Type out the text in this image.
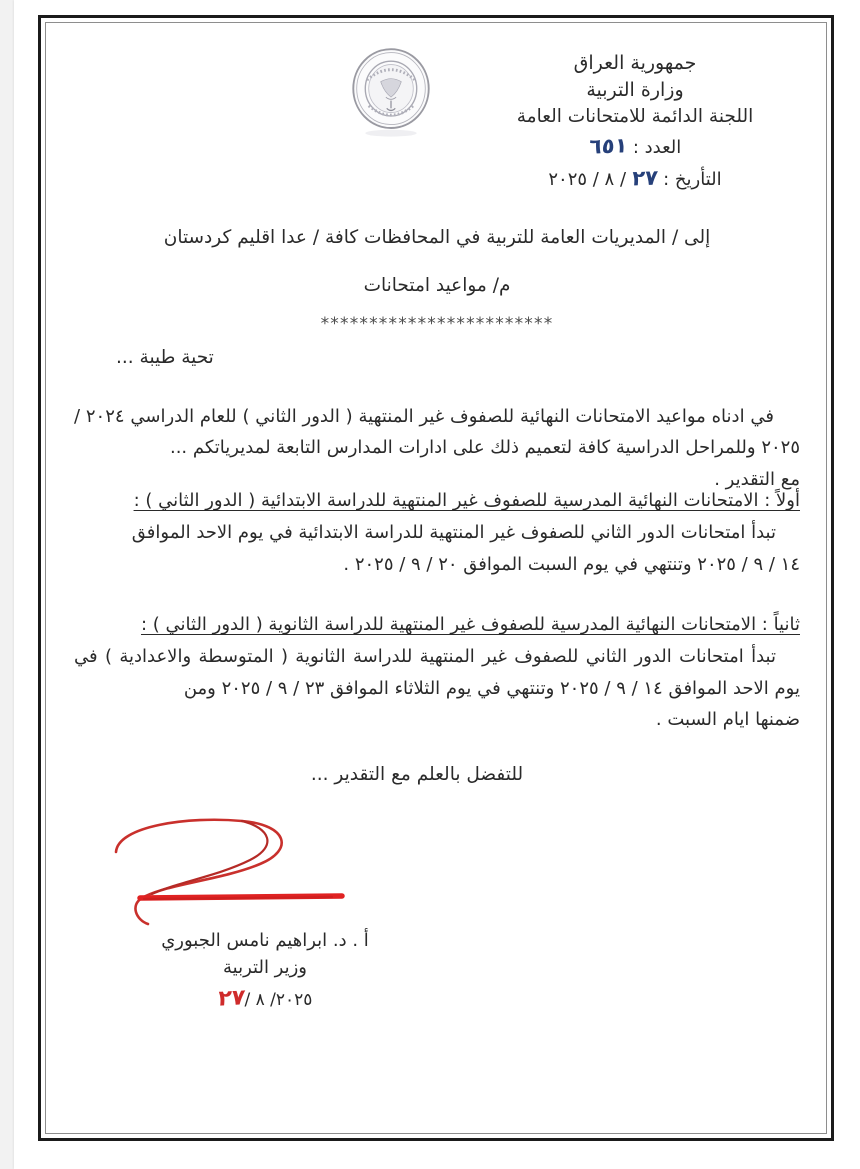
جمهورية العراق
وزارة التربية
اللجنة الدائمة للامتحانات العامة
العدد : ٦٥١
التأريخ : ٢٧ / ٨ / ٢٠٢٥
إلى / المديريات العامة للتربية في المحافظات كافة / عدا اقليم كردستان
م/ مواعيد امتحانات
************************
تحية طيبة ...
في ادناه مواعيد الامتحانات النهائية للصفوف غير المنتهية ( الدور الثاني ) للعام الدراسي ٢٠٢٤ / ٢٠٢٥ وللمراحل الدراسية كافة لتعميم ذلك على ادارات المدارس التابعة لمديرياتكم ...
مع التقدير .
أولاً : الامتحانات النهائية المدرسية للصفوف غير المنتهية للدراسة الابتدائية ( الدور الثاني ) :
تبدأ امتحانات الدور الثاني للصفوف غير المنتهية للدراسة الابتدائية في يوم الاحد الموافق
١٤ / ٩ / ٢٠٢٥ وتنتهي في يوم السبت الموافق ٢٠ / ٩ / ٢٠٢٥ .
ثانياً : الامتحانات النهائية المدرسية للصفوف غير المنتهية للدراسة الثانوية ( الدور الثاني ) :
تبدأ امتحانات الدور الثاني للصفوف غير المنتهية للدراسة الثانوية ( المتوسطة والاعدادية ) في يوم الاحد الموافق ١٤ / ٩ / ٢٠٢٥ وتنتهي في يوم الثلاثاء الموافق ٢٣ / ٩ / ٢٠٢٥ ومن
ضمنها ايام السبت .
للتفضل بالعلم مع التقدير ...
أ . د. ابراهيم نامس الجبوري
وزير التربية
٢٠٢٥/ ٨ /٢٧
